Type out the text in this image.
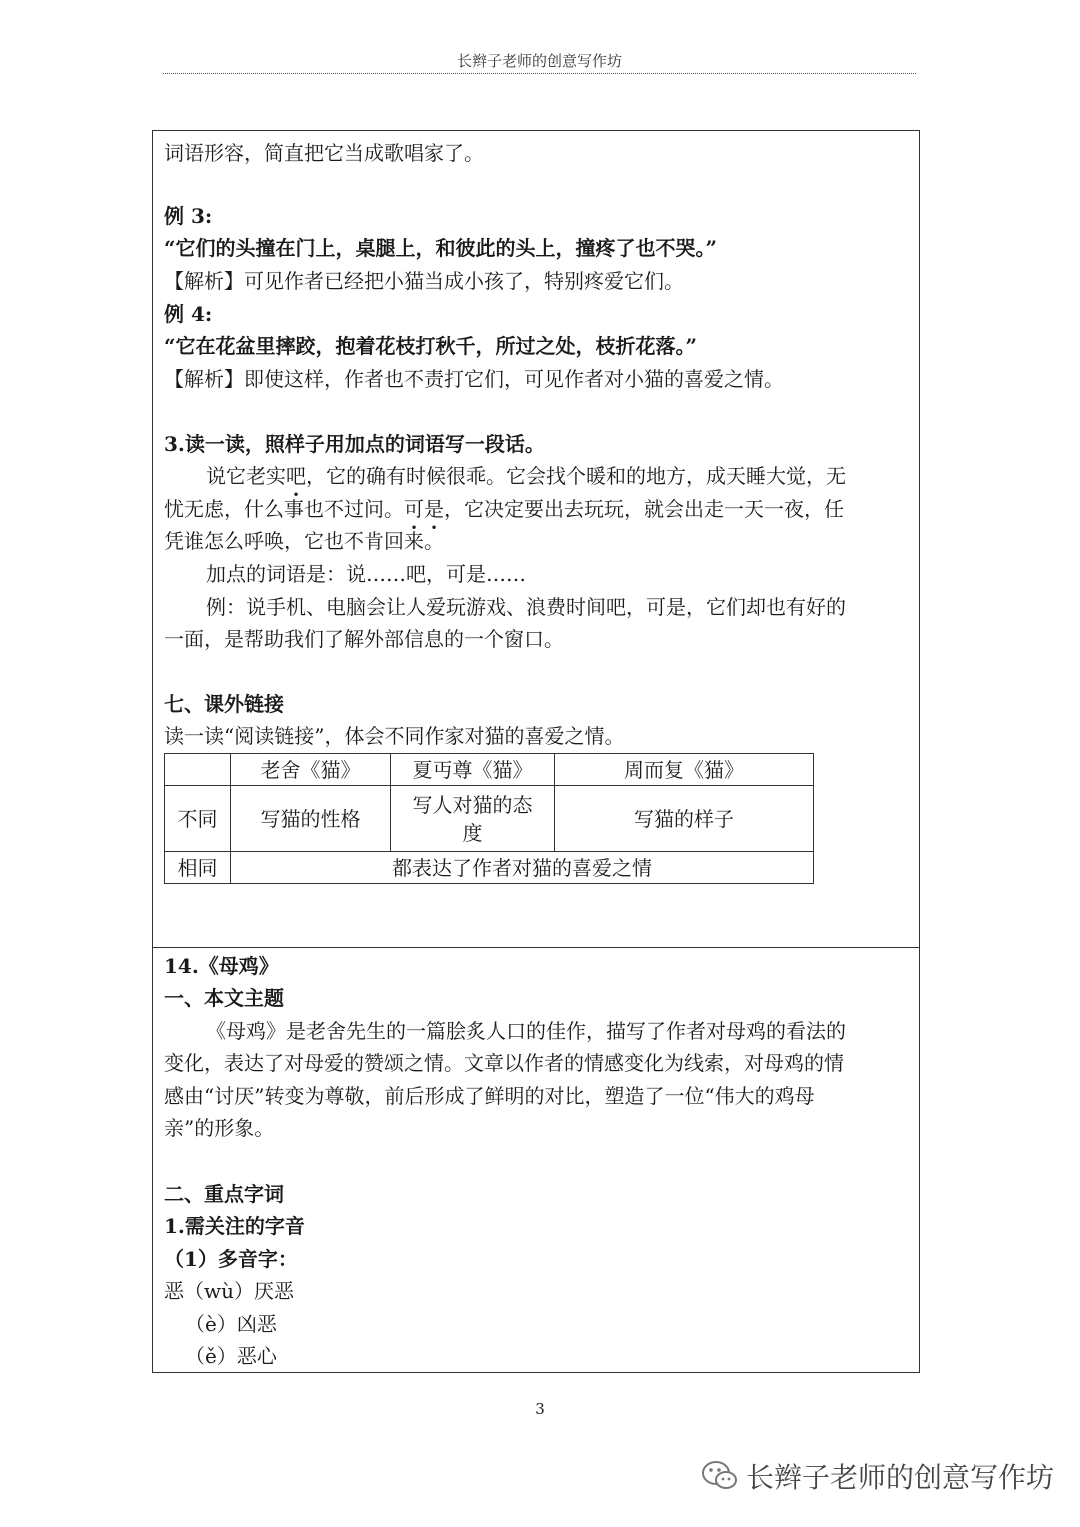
长辫子老师的创意写作坊
词语形容，简直把它当成歌唱家了。
例 3:
“它们的头撞在门上，桌腿上，和彼此的头上，撞疼了也不哭。”
【解析】可见作者已经把小猫当成小孩了，特别疼爱它们。
例 4:
“它在花盆里摔跤，抱着花枝打秋千，所过之处，枝折花落。”
【解析】即使这样，作者也不责打它们，可见作者对小猫的喜爱之情。
3.读一读，照样子用加点的词语写一段话。
说它老实吧，它的确有时候很乖。它会找个暖和的地方，成天睡大觉，无
忧无虑，什么事也不过问。可是，它决定要出去玩玩，就会出走一天一夜，任
凭谁怎么呼唤，它也不肯回来。
加点的词语是：说……吧，可是……
例：说手机、电脑会让人爱玩游戏、浪费时间吧，可是，它们却也有好的
一面，是帮助我们了解外部信息的一个窗口。
七、课外链接
读一读“阅读链接”，体会不同作家对猫的喜爱之情。
	老舍《猫》	夏丏尊《猫》	周而复《猫》
不同	写猫的性格	写人对猫的态度	写猫的样子
相同	都表达了作者对猫的喜爱之情		
14.《母鸡》
一、本文主题
《母鸡》是老舍先生的一篇脍炙人口的佳作，描写了作者对母鸡的看法的
变化，表达了对母爱的赞颂之情。文章以作者的情感变化为线索，对母鸡的情
感由“讨厌”转变为尊敬，前后形成了鲜明的对比，塑造了一位“伟大的鸡母
亲”的形象。
二、重点字词
1.需关注的字音
（1）多音字：
恶（wù）厌恶
（è）凶恶
（ě）恶心
3
长辫子老师的创意写作坊
